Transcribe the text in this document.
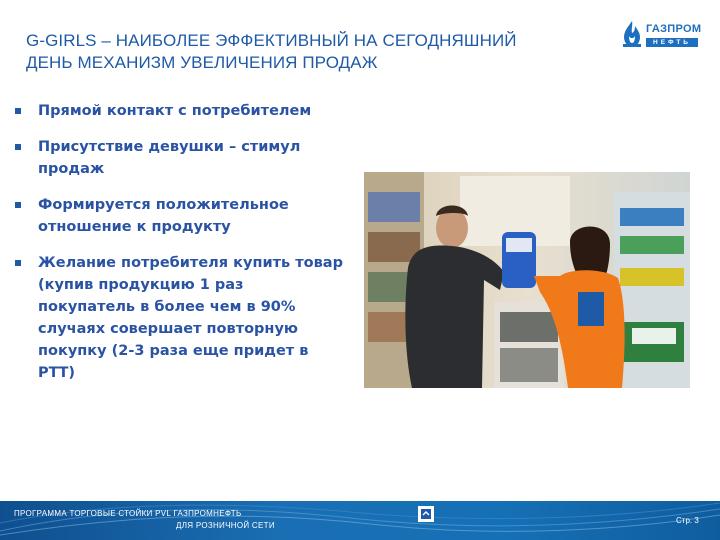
G-GIRLS – НАИБОЛЕЕ ЭФФЕКТИВНЫЙ НА СЕГОДНЯШНИЙ
ДЕНЬ МЕХАНИЗМ УВЕЛИЧЕНИЯ ПРОДАЖ
ГАЗПРОМ
НЕФТЬ
Прямой контакт с потребителем
Присутствие девушки – стимул
продаж
Формируется положительное
отношение к продукту
Желание потребителя купить товар
(купив продукцию 1 раз
покупатель в более чем в 90%
случаях совершает повторную
покупку (2-3 раза еще придет в
РТТ)
ПРОГРАММА ТОРГОВЫЕ СТОЙКИ PVL ГАЗПРОМНЕФТЬ
ДЛЯ РОЗНИЧНОЙ СЕТИ
Стр. 3
